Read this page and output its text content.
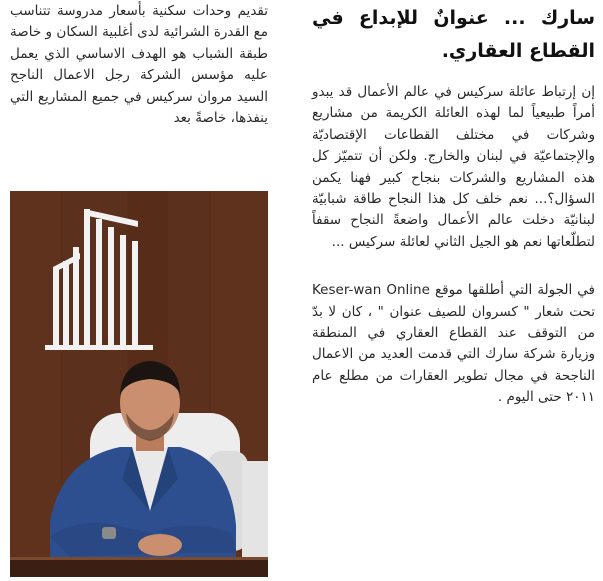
سارك ... عنوانٌ للإبداع في القطاع العقاري.

إن إرتباط عائلة سركيس في عالم الأعمال قد يبدو أمراً طبيعياً لما لهذه العائلة الكريمة من مشاريع وشركات في مختلف القطاعات الإقتصاديّة والإجتماعيّة في لبنان والخارج. ولكن أن تتميّز كل هذه المشاريع والشركات بنجاح كبير فهنا يكمن السؤال؟... نعم خلف كل هذا النجاح طاقة شبابيّة لبنانيّة دخلت عالم الأعمال واضعةً النجاح سقفاً لتطلّعاتها نعم هو الجيل الثاني لعائلة سركيس ...

في الجولة التي أطلقها موقع Keser-wan Online تحت شعار " كسروان للصيف عنوان " ، كان لا بدّ من التوقف عند القطاع العقاري في المنطقة وزيارة شركة سارك التي قدمت العديد من الاعمال الناجحة في مجال تطوير العقارات من مطلع عام ٢٠١١ حتى اليوم .

تقديم وحدات سكنية بأسعار مدروسة تتناسب مع القدرة الشرائية لدى أغلبية السكان و خاصة طبقة الشباب هو الهدف الاساسي الذي يعمل عليه مؤسس الشركة رجل الاعمال الناجح السيد مروان سركيس في جميع المشاريع التي ينفذها، خاصةً بعد
